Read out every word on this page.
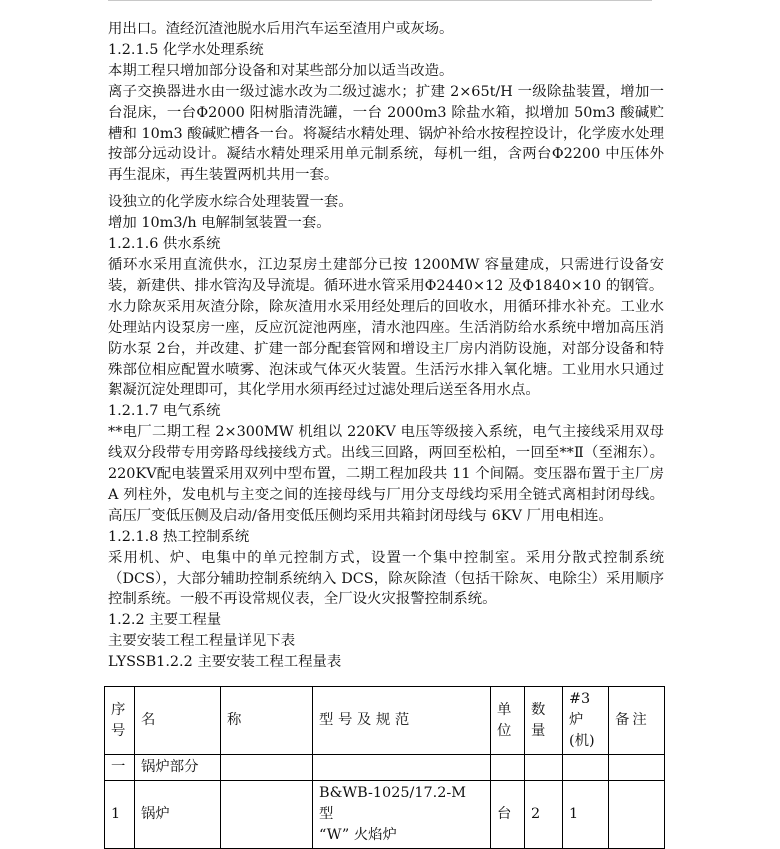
用出口。渣经沉渣池脱水后用汽车运至渣用户或灰场。

1.2.1.5 化学水处理系统

本期工程只增加部分设备和对某些部分加以适当改造。

离子交换器进水由一级过滤水改为二级过滤水；扩建 2×65t/H 一级除盐装置，增加一台混床，一台Φ2000 阳树脂清洗罐，一台 2000m3 除盐水箱，拟增加 50m3 酸碱贮槽和 10m3 酸碱贮槽各一台。将凝结水精处理、锅炉补给水按程控设计，化学废水处理按部分远动设计。凝结水精处理采用单元制系统，每机一组，含两台Φ2200 中压体外再生混床，再生装置两机共用一套。

设独立的化学废水综合处理装置一套。

增加 10m3/h 电解制氢装置一套。

1.2.1.6 供水系统

循环水采用直流供水，江边泵房土建部分已按 1200MW 容量建成，只需进行设备安装，新建供、排水管沟及导流堤。循环进水管采用Φ2440×12 及Φ1840×10 的钢管。

水力除灰采用灰渣分除，除灰渣用水采用经处理后的回收水，用循环排水补充。工业水处理站内设泵房一座，反应沉淀池两座，清水池四座。生活消防给水系统中增加高压消防水泵 2台，并改建、扩建一部分配套管网和增设主厂房内消防设施，对部分设备和特殊部位相应配置水喷雾、泡沫或气体灭火装置。生活污水排入氧化塘。工业用水只通过絮凝沉淀处理即可，其化学用水须再经过过滤处理后送至各用水点。

1.2.1.7 电气系统

**电厂二期工程 2×300MW 机组以 220KV 电压等级接入系统，电气主接线采用双母线双分段带专用旁路母线接线方式。出线三回路，两回至松柏，一回至**Ⅱ（至湘东）。220KV配电装置采用双列中型布置，二期工程加段共 11 个间隔。变压器布置于主厂房 A 列柱外，发电机与主变之间的连接母线与厂用分支母线均采用全链式离相封闭母线。高压厂变低压侧及启动/备用变低压侧均采用共箱封闭母线与 6KV 厂用电相连。

1.2.1.8 热工控制系统

采用机、炉、电集中的单元控制方式，设置一个集中控制室。采用分散式控制系统（DCS），大部分辅助控制系统纳入 DCS，除灰除渣（包括干除灰、电除尘）采用顺序控制系统。一般不再设常规仪表，全厂设火灾报警控制系统。

1.2.2 主要工程量

主要安装工程工程量详见下表

LYSSB1.2.2 主要安装工程工程量表

序号	名	称	型 号 及 规 范	单位	数量	#3 炉(机)	备注
一	锅炉部分						
1	锅炉		B&WB-1025/17.2-M 型
“W” 火焰炉	台	2	1	
